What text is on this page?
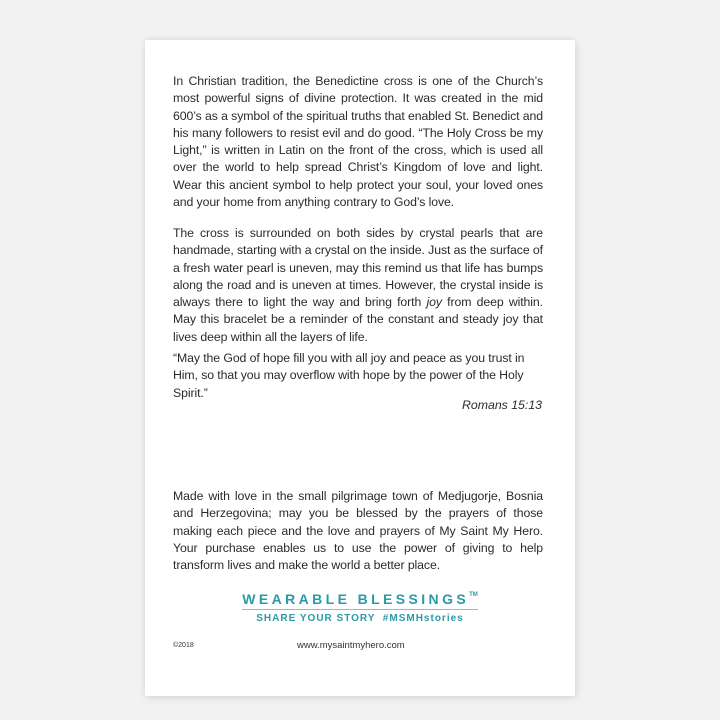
In Christian tradition, the Benedictine cross is one of the Church’s most powerful signs of divine protection. It was created in the mid 600’s as a symbol of the spiritual truths that enabled St. Benedict and his many followers to resist evil and do good. “The Holy Cross be my Light,” is written in Latin on the front of the cross, which is used all over the world to help spread Christ’s Kingdom of love and light. Wear this ancient symbol to help protect your soul, your loved ones and your home from anything contrary to God’s love.

The cross is surrounded on both sides by crystal pearls that are handmade, starting with a crystal on the inside. Just as the surface of a fresh water pearl is uneven, may this remind us that life has bumps along the road and is uneven at times. However, the crystal inside is always there to light the way and bring forth joy from deep within. May this bracelet be a reminder of the constant and steady joy that lives deep within all the layers of life.

“May the God of hope fill you with all joy and peace as you trust in Him, so that you may overflow with hope by the power of the Holy Spirit.”

Romans 15:13

Made with love in the small pilgrimage town of Medjugorje, Bosnia and Herzegovina; may you be blessed by the prayers of those making each piece and the love and prayers of My Saint My Hero. Your purchase enables us to use the power of giving to help transform lives and make the world a better place.

WEARABLE BLESSINGS™
SHARE YOUR STORY  #MSMHstories
©2018	www.mysaintmyhero.com
